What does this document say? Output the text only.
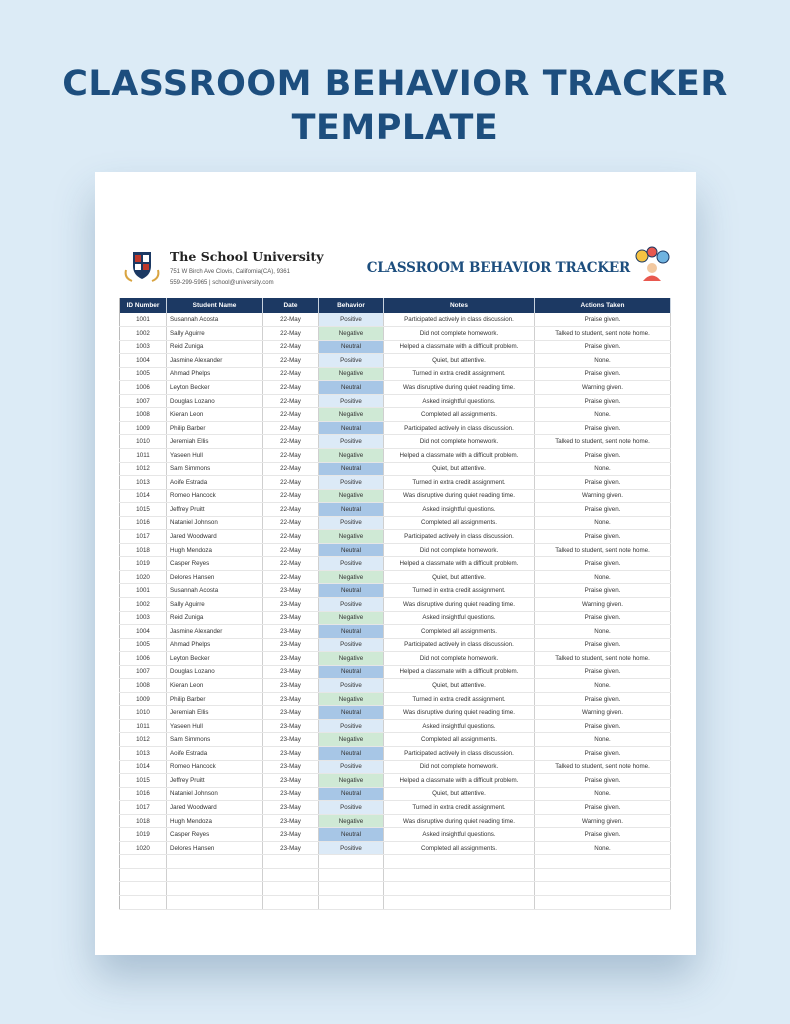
CLASSROOM BEHAVIOR TRACKER TEMPLATE
The School University
751 W Birch Ave Clovis, California(CA), 9361
559-299-5965 | school@university.com
CLASSROOM BEHAVIOR TRACKER
ID Number	Student Name	Date	Behavior	Notes	Actions Taken
1001	Susannah Acosta	22-May	Positive	Participated actively in class discussion.	Praise given.
1002	Sally Aguirre	22-May	Negative	Did not complete homework.	Talked to student, sent note home.
1003	Reid Zuniga	22-May	Neutral	Helped a classmate with a difficult problem.	Praise given.
1004	Jasmine Alexander	22-May	Positive	Quiet, but attentive.	None.
1005	Ahmad Phelps	22-May	Negative	Turned in extra credit assignment.	Praise given.
1006	Leyton Becker	22-May	Neutral	Was disruptive during quiet reading time.	Warning given.
1007	Douglas Lozano	22-May	Positive	Asked insightful questions.	Praise given.
1008	Kieran Leon	22-May	Negative	Completed all assignments.	None.
1009	Philip Barber	22-May	Neutral	Participated actively in class discussion.	Praise given.
1010	Jeremiah Ellis	22-May	Positive	Did not complete homework.	Talked to student, sent note home.
1011	Yaseen Hull	22-May	Negative	Helped a classmate with a difficult problem.	Praise given.
1012	Sam Simmons	22-May	Neutral	Quiet, but attentive.	None.
1013	Aoife Estrada	22-May	Positive	Turned in extra credit assignment.	Praise given.
1014	Romeo Hancock	22-May	Negative	Was disruptive during quiet reading time.	Warning given.
1015	Jeffrey Pruitt	22-May	Neutral	Asked insightful questions.	Praise given.
1016	Nataniel Johnson	22-May	Positive	Completed all assignments.	None.
1017	Jared Woodward	22-May	Negative	Participated actively in class discussion.	Praise given.
1018	Hugh Mendoza	22-May	Neutral	Did not complete homework.	Talked to student, sent note home.
1019	Casper Reyes	22-May	Positive	Helped a classmate with a difficult problem.	Praise given.
1020	Delores Hansen	22-May	Negative	Quiet, but attentive.	None.
1001	Susannah Acosta	23-May	Neutral	Turned in extra credit assignment.	Praise given.
1002	Sally Aguirre	23-May	Positive	Was disruptive during quiet reading time.	Warning given.
1003	Reid Zuniga	23-May	Negative	Asked insightful questions.	Praise given.
1004	Jasmine Alexander	23-May	Neutral	Completed all assignments.	None.
1005	Ahmad Phelps	23-May	Positive	Participated actively in class discussion.	Praise given.
1006	Leyton Becker	23-May	Negative	Did not complete homework.	Talked to student, sent note home.
1007	Douglas Lozano	23-May	Neutral	Helped a classmate with a difficult problem.	Praise given.
1008	Kieran Leon	23-May	Positive	Quiet, but attentive.	None.
1009	Philip Barber	23-May	Negative	Turned in extra credit assignment.	Praise given.
1010	Jeremiah Ellis	23-May	Neutral	Was disruptive during quiet reading time.	Warning given.
1011	Yaseen Hull	23-May	Positive	Asked insightful questions.	Praise given.
1012	Sam Simmons	23-May	Negative	Completed all assignments.	None.
1013	Aoife Estrada	23-May	Neutral	Participated actively in class discussion.	Praise given.
1014	Romeo Hancock	23-May	Positive	Did not complete homework.	Talked to student, sent note home.
1015	Jeffrey Pruitt	23-May	Negative	Helped a classmate with a difficult problem.	Praise given.
1016	Nataniel Johnson	23-May	Neutral	Quiet, but attentive.	None.
1017	Jared Woodward	23-May	Positive	Turned in extra credit assignment.	Praise given.
1018	Hugh Mendoza	23-May	Negative	Was disruptive during quiet reading time.	Warning given.
1019	Casper Reyes	23-May	Neutral	Asked insightful questions.	Praise given.
1020	Delores Hansen	23-May	Positive	Completed all assignments.	None.
